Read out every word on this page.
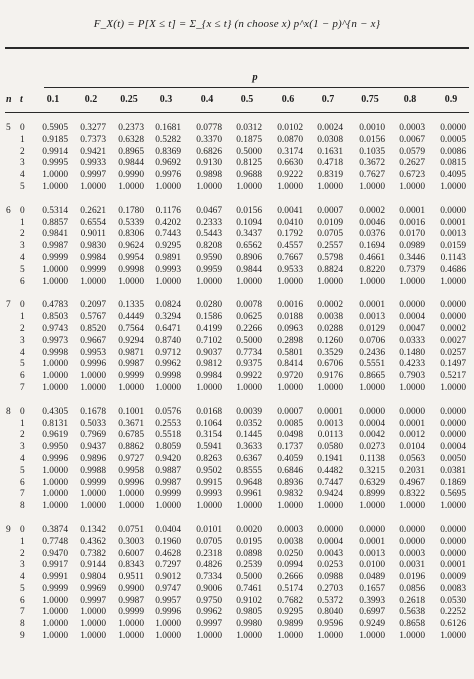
F_X(t) = P[X ≤ t] = Σ_{x ≤ t} (n choose x) p^x(1 − p)^{n − x}
p
n t	0.1	0.2	0.25	0.3	0.4	0.5	0.6	0.7	0.75	0.8	0.9
5 0	0.5905	0.3277	0.2373	0.1681	0.0778	0.0312	0.0102	0.0024	0.0010	0.0003	0.0000
1	0.9185	0.7373	0.6328	0.5282	0.3370	0.1875	0.0870	0.0308	0.0156	0.0067	0.0005
2	0.9914	0.9421	0.8965	0.8369	0.6826	0.5000	0.3174	0.1631	0.1035	0.0579	0.0086
3	0.9995	0.9933	0.9844	0.9692	0.9130	0.8125	0.6630	0.4718	0.3672	0.2627	0.0815
4	1.0000	0.9997	0.9990	0.9976	0.9898	0.9688	0.9222	0.8319	0.7627	0.6723	0.4095
5	1.0000	1.0000	1.0000	1.0000	1.0000	1.0000	1.0000	1.0000	1.0000	1.0000	1.0000
6 0	0.5314	0.2621	0.1780	0.1176	0.0467	0.0156	0.0041	0.0007	0.0002	0.0001	0.0000
1	0.8857	0.6554	0.5339	0.4202	0.2333	0.1094	0.0410	0.0109	0.0046	0.0016	0.0001
2	0.9841	0.9011	0.8306	0.7443	0.5443	0.3437	0.1792	0.0705	0.0376	0.0170	0.0013
3	0.9987	0.9830	0.9624	0.9295	0.8208	0.6562	0.4557	0.2557	0.1694	0.0989	0.0159
4	0.9999	0.9984	0.9954	0.9891	0.9590	0.8906	0.7667	0.5798	0.4661	0.3446	0.1143
5	1.0000	0.9999	0.9998	0.9993	0.9959	0.9844	0.9533	0.8824	0.8220	0.7379	0.4686
6	1.0000	1.0000	1.0000	1.0000	1.0000	1.0000	1.0000	1.0000	1.0000	1.0000	1.0000
7 0	0.4783	0.2097	0.1335	0.0824	0.0280	0.0078	0.0016	0.0002	0.0001	0.0000	0.0000
1	0.8503	0.5767	0.4449	0.3294	0.1586	0.0625	0.0188	0.0038	0.0013	0.0004	0.0000
2	0.9743	0.8520	0.7564	0.6471	0.4199	0.2266	0.0963	0.0288	0.0129	0.0047	0.0002
3	0.9973	0.9667	0.9294	0.8740	0.7102	0.5000	0.2898	0.1260	0.0706	0.0333	0.0027
4	0.9998	0.9953	0.9871	0.9712	0.9037	0.7734	0.5801	0.3529	0.2436	0.1480	0.0257
5	1.0000	0.9996	0.9987	0.9962	0.9812	0.9375	0.8414	0.6706	0.5551	0.4233	0.1497
6	1.0000	1.0000	0.9999	0.9998	0.9984	0.9922	0.9720	0.9176	0.8665	0.7903	0.5217
7	1.0000	1.0000	1.0000	1.0000	1.0000	1.0000	1.0000	1.0000	1.0000	1.0000	1.0000
8 0	0.4305	0.1678	0.1001	0.0576	0.0168	0.0039	0.0007	0.0001	0.0000	0.0000	0.0000
1	0.8131	0.5033	0.3671	0.2553	0.1064	0.0352	0.0085	0.0013	0.0004	0.0001	0.0000
2	0.9619	0.7969	0.6785	0.5518	0.3154	0.1445	0.0498	0.0113	0.0042	0.0012	0.0000
3	0.9950	0.9437	0.8862	0.8059	0.5941	0.3633	0.1737	0.0580	0.0273	0.0104	0.0004
4	0.9996	0.9896	0.9727	0.9420	0.8263	0.6367	0.4059	0.1941	0.1138	0.0563	0.0050
5	1.0000	0.9988	0.9958	0.9887	0.9502	0.8555	0.6846	0.4482	0.3215	0.2031	0.0381
6	1.0000	0.9999	0.9996	0.9987	0.9915	0.9648	0.8936	0.7447	0.6329	0.4967	0.1869
7	1.0000	1.0000	1.0000	0.9999	0.9993	0.9961	0.9832	0.9424	0.8999	0.8322	0.5695
8	1.0000	1.0000	1.0000	1.0000	1.0000	1.0000	1.0000	1.0000	1.0000	1.0000	1.0000
9 0	0.3874	0.1342	0.0751	0.0404	0.0101	0.0020	0.0003	0.0000	0.0000	0.0000	0.0000
1	0.7748	0.4362	0.3003	0.1960	0.0705	0.0195	0.0038	0.0004	0.0001	0.0000	0.0000
2	0.9470	0.7382	0.6007	0.4628	0.2318	0.0898	0.0250	0.0043	0.0013	0.0003	0.0000
3	0.9917	0.9144	0.8343	0.7297	0.4826	0.2539	0.0994	0.0253	0.0100	0.0031	0.0001
4	0.9991	0.9804	0.9511	0.9012	0.7334	0.5000	0.2666	0.0988	0.0489	0.0196	0.0009
5	0.9999	0.9969	0.9900	0.9747	0.9006	0.7461	0.5174	0.2703	0.1657	0.0856	0.0083
6	1.0000	0.9997	0.9987	0.9957	0.9750	0.9102	0.7682	0.5372	0.3993	0.2618	0.0530
7	1.0000	1.0000	0.9999	0.9996	0.9962	0.9805	0.9295	0.8040	0.6997	0.5638	0.2252
8	1.0000	1.0000	1.0000	1.0000	0.9997	0.9980	0.9899	0.9596	0.9249	0.8658	0.6126
9	1.0000	1.0000	1.0000	1.0000	1.0000	1.0000	1.0000	1.0000	1.0000	1.0000	1.0000
